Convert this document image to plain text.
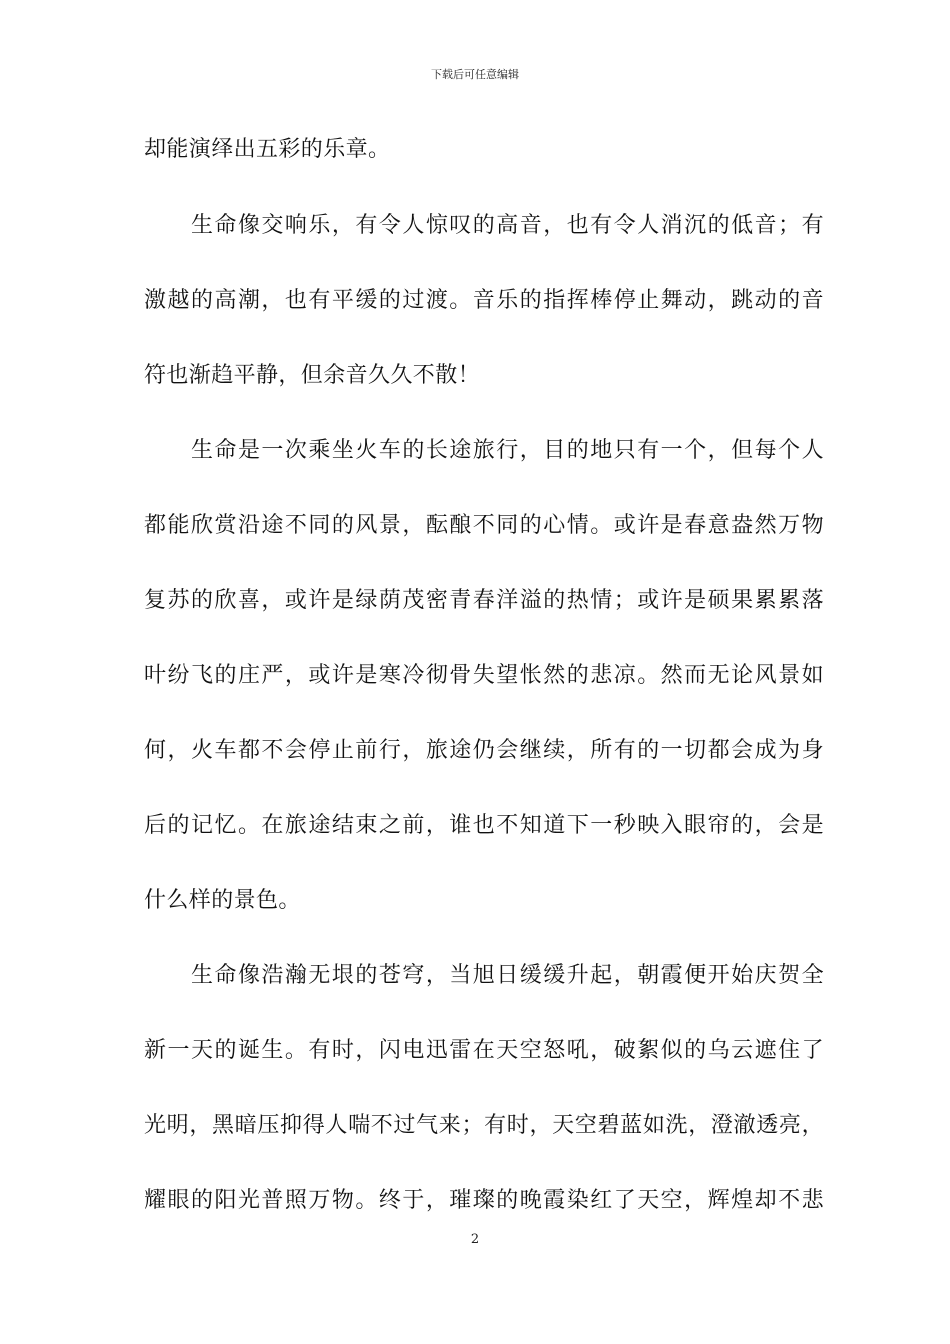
下载后可任意编辑
却能演绎出五彩的乐章。
　　生命像交响乐，有令人惊叹的高音，也有令人消沉的低音；有
激越的高潮，也有平缓的过渡。音乐的指挥棒停止舞动，跳动的音
符也渐趋平静，但余音久久不散！
　　生命是一次乘坐火车的长途旅行，目的地只有一个，但每个人
都能欣赏沿途不同的风景，酝酿不同的心情。或许是春意盎然万物
复苏的欣喜，或许是绿荫茂密青春洋溢的热情；或许是硕果累累落
叶纷飞的庄严，或许是寒冷彻骨失望怅然的悲凉。然而无论风景如
何，火车都不会停止前行，旅途仍会继续，所有的一切都会成为身
后的记忆。在旅途结束之前，谁也不知道下一秒映入眼帘的，会是
什么样的景色。
　　生命像浩瀚无垠的苍穹，当旭日缓缓升起，朝霞便开始庆贺全
新一天的诞生。有时，闪电迅雷在天空怒吼，破絮似的乌云遮住了
光明，黑暗压抑得人喘不过气来；有时，天空碧蓝如洗，澄澈透亮，
耀眼的阳光普照万物。终于，璀璨的晚霞染红了天空，辉煌却不悲
2
